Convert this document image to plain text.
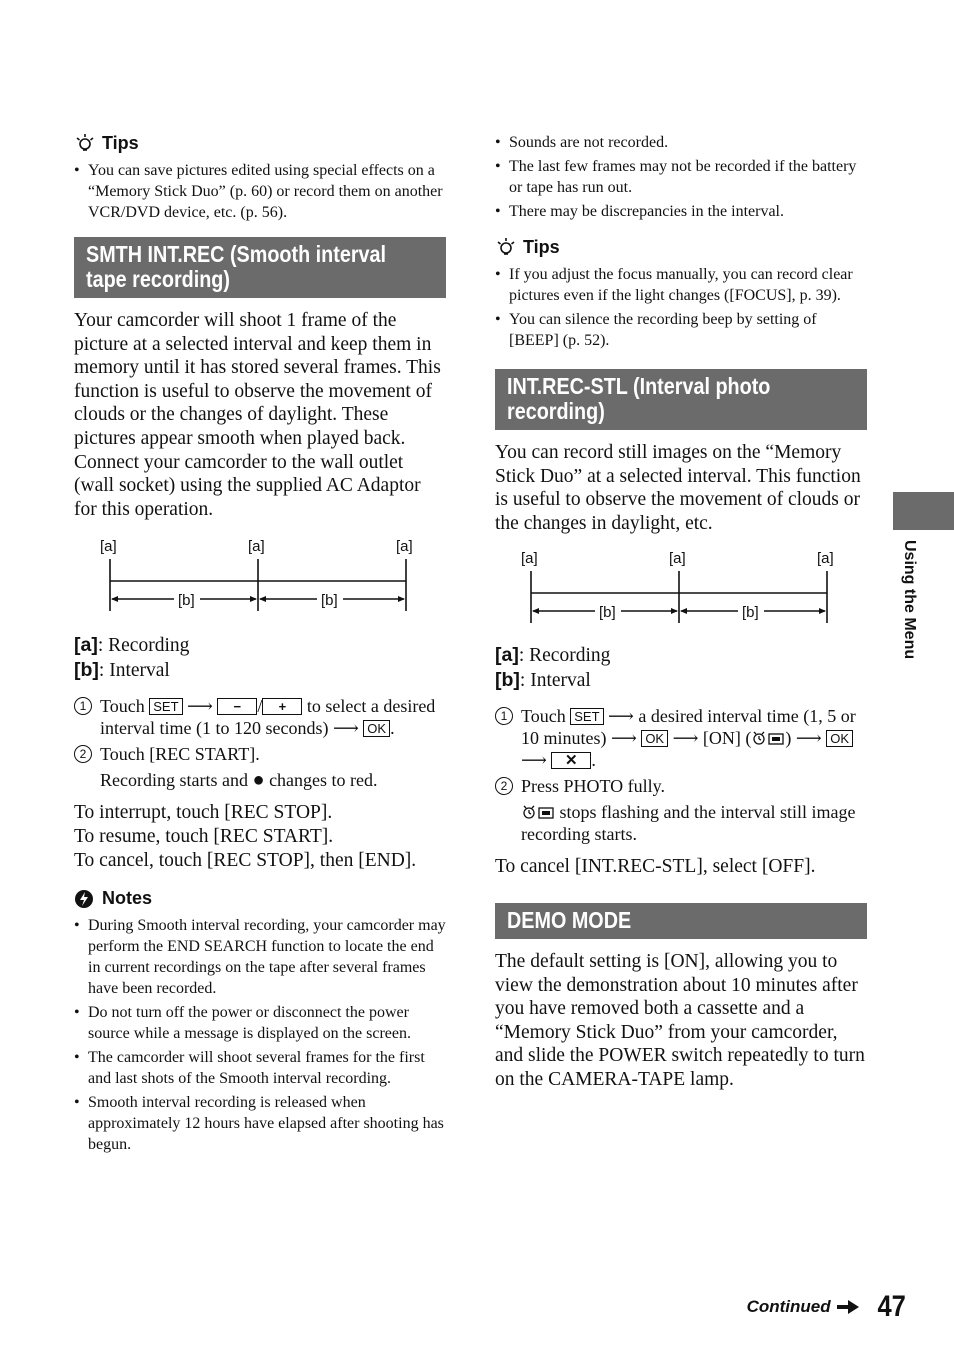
Tips
• You can save pictures edited using special effects on a “Memory Stick Duo” (p. 60) or record them on another VCR/DVD device, etc. (p. 56).
SMTH INT.REC (Smooth interval
tape recording)

Your camcorder will shoot 1 frame of the picture at a selected interval and keep them in memory until it has stored several frames. This function is useful to observe the movement of clouds or the changes of daylight. These pictures appear smooth when played back. Connect your camcorder to the wall outlet (wall socket) using the supplied AC Adaptor for this operation.

[a]	[a]	[a]
[b]	[b]

[a]: Recording

[b]: Interval

1 Touch SET ⟶ − / + to select a desired interval time (1 to 120 seconds) ⟶ OK .
2 Touch [REC START].
Recording starts and ● changes to red.

To interrupt, touch [REC STOP].

To resume, touch [REC START].

To cancel, touch [REC STOP], then [END].

Notes
• During Smooth interval recording, your camcorder may perform the END SEARCH function to locate the end in current recordings on the tape after several frames have been recorded.
• Do not turn off the power or disconnect the power source while a message is displayed on the screen.
• The camcorder will shoot several frames for the first and last shots of the Smooth interval recording.
• Smooth interval recording is released when approximately 12 hours have elapsed after shooting has begun.
• Sounds are not recorded.
• The last few frames may not be recorded if the battery or tape has run out.
• There may be discrepancies in the interval.
Tips
• If you adjust the focus manually, you can record clear pictures even if the light changes ([FOCUS], p. 39).
• You can silence the recording beep by setting of [BEEP] (p. 52).
INT.REC-STL (Interval photo
recording)

You can record still images on the “Memory Stick Duo” at a selected interval. This function is useful to observe the movement of clouds or the changes in daylight, etc.

[a]	[a]	[a]
[b]	[b]

[a]: Recording

[b]: Interval

1 Touch SET ⟶ a desired interval time (1, 5 or 10 minutes) ⟶ OK ⟶ [ON] ( ) ⟶ OK ⟶ ✕ .
2 Press PHOTO fully.
stops flashing and the interval still image recording starts.

To cancel [INT.REC-STL], select [OFF].

DEMO MODE

The default setting is [ON], allowing you to view the demonstration about 10 minutes after you have removed both a cassette and a “Memory Stick Duo” from your camcorder, and slide the POWER switch repeatedly to turn on the CAMERA-TAPE lamp.

Using the Menu
Continued 47
